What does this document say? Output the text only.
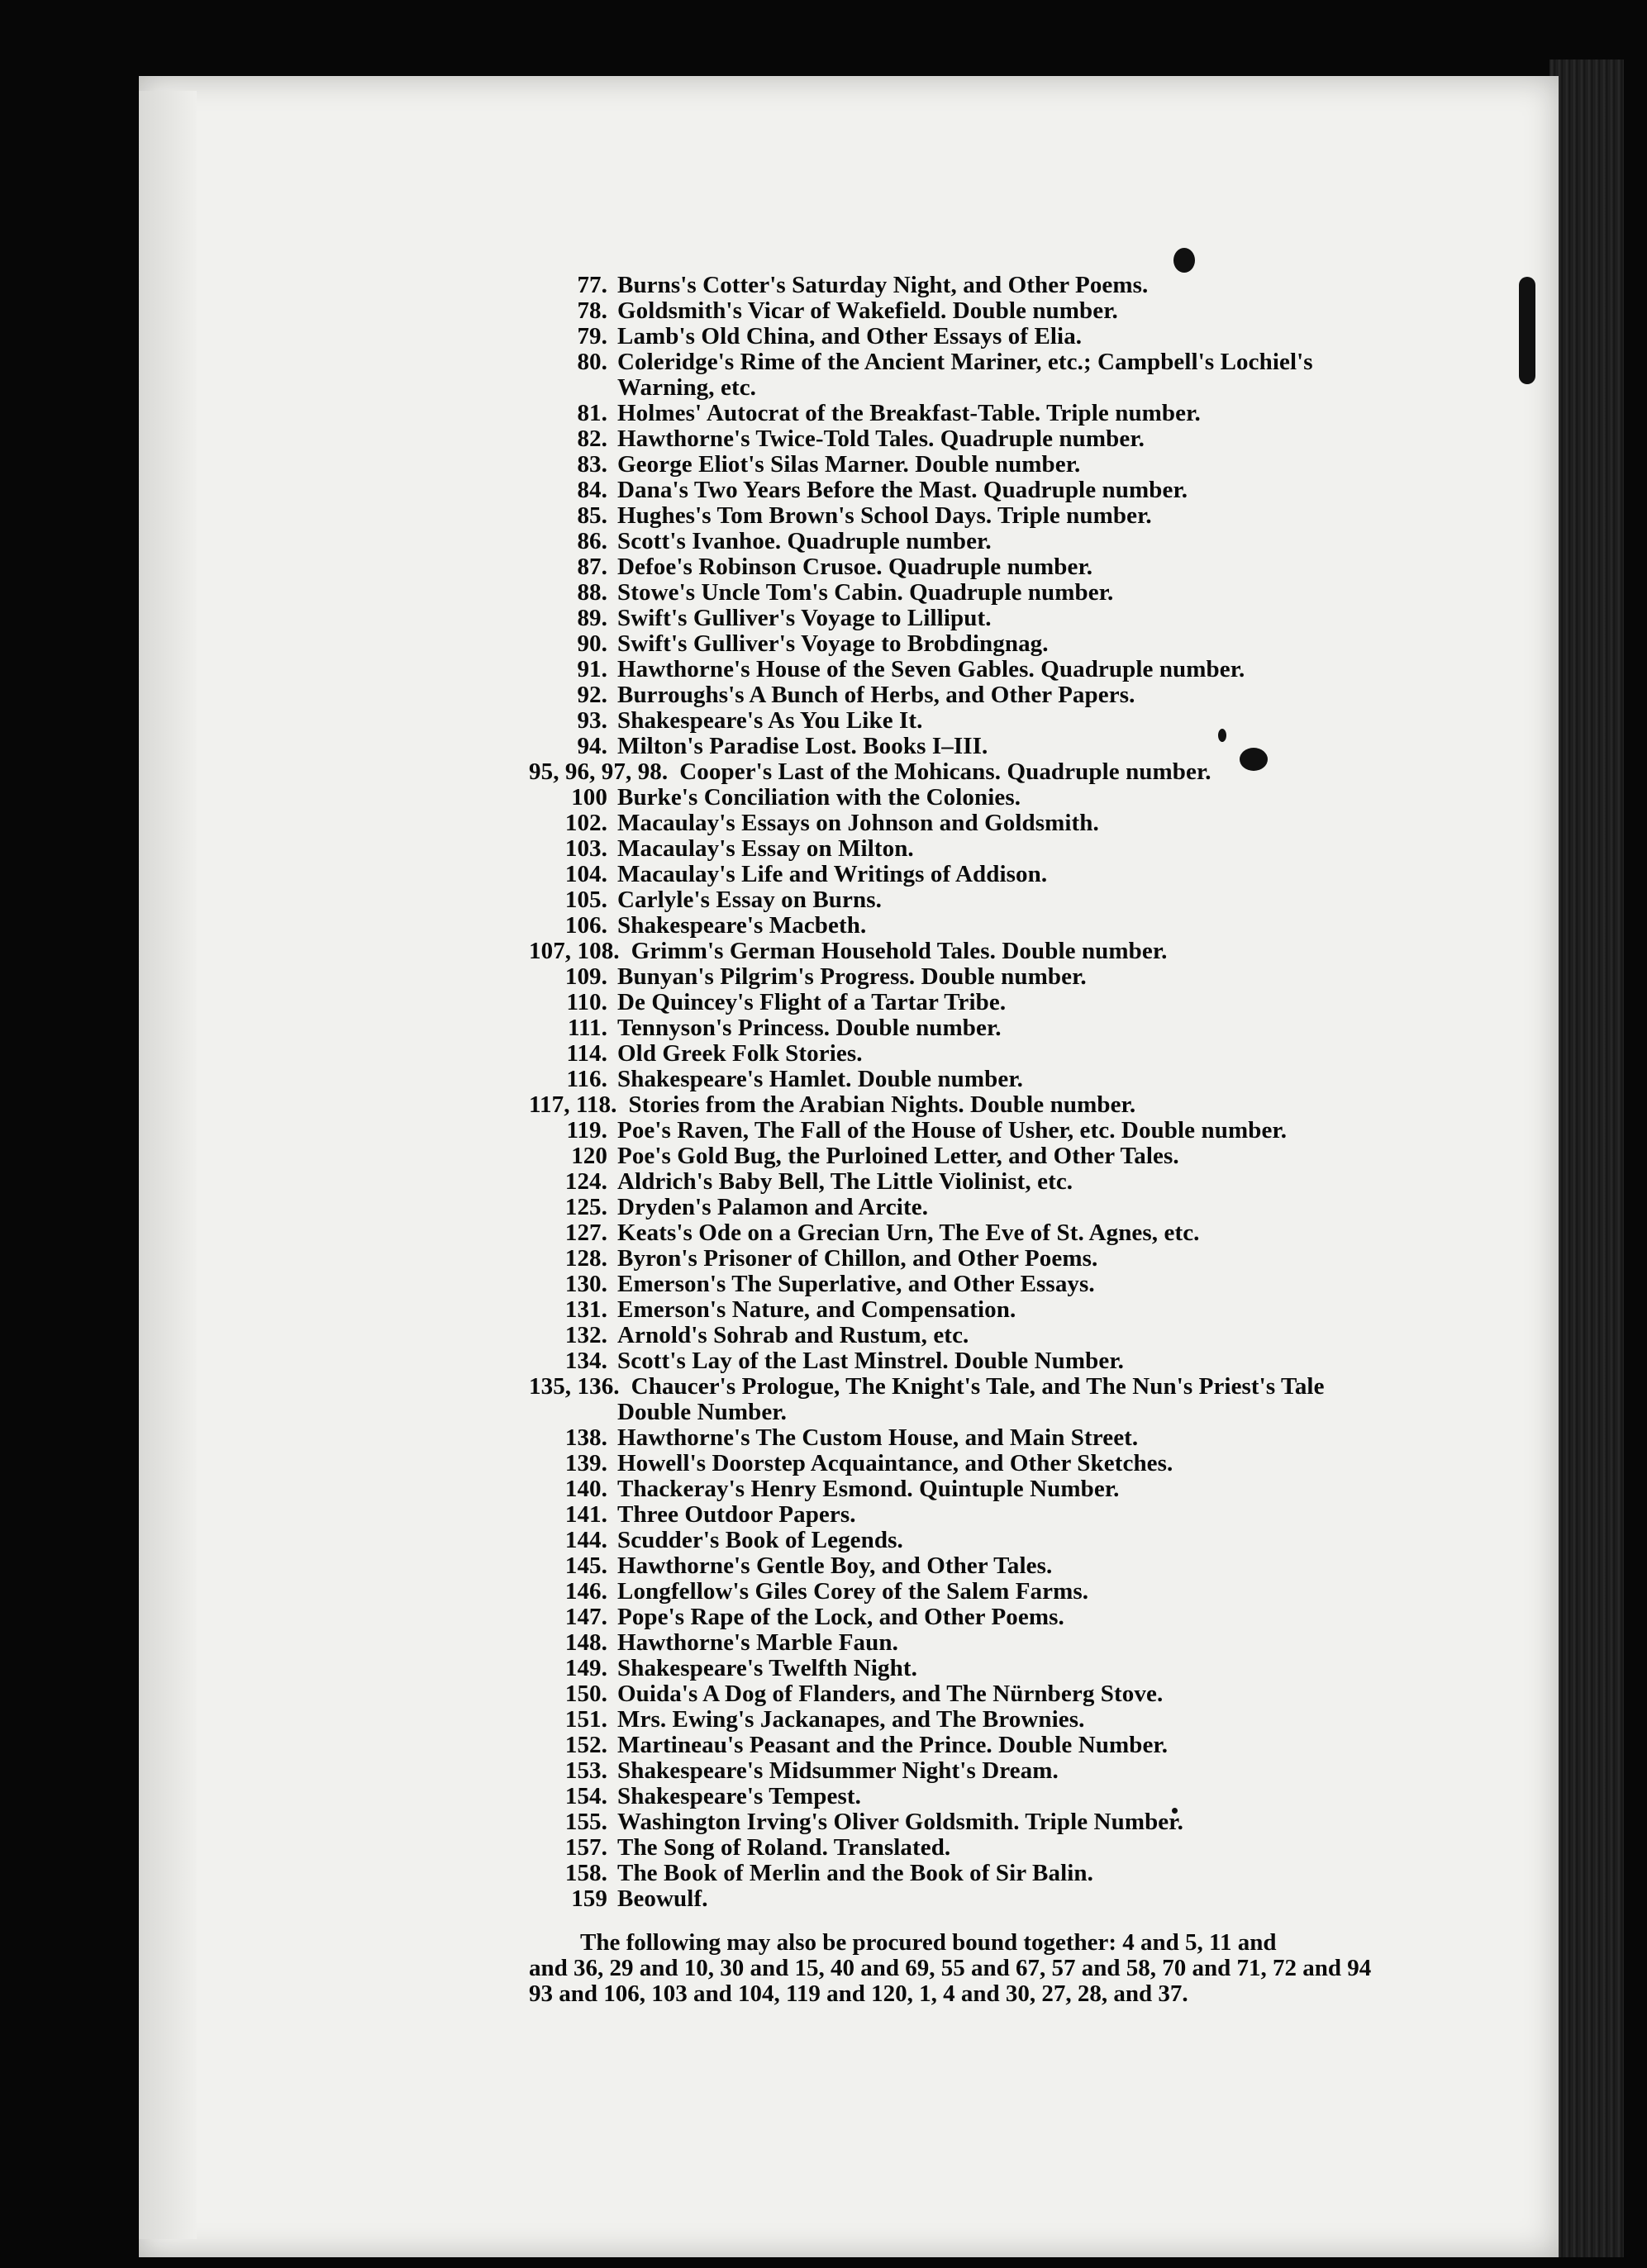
77. Burns's Cotter's Saturday Night, and Other Poems.
78. Goldsmith's Vicar of Wakefield. Double number.
79. Lamb's Old China, and Other Essays of Elia.
80. Coleridge's Rime of the Ancient Mariner, etc.; Campbell's Lochiel's
Warning, etc.
81. Holmes' Autocrat of the Breakfast-Table. Triple number.
82. Hawthorne's Twice-Told Tales. Quadruple number.
83. George Eliot's Silas Marner. Double number.
84. Dana's Two Years Before the Mast. Quadruple number.
85. Hughes's Tom Brown's School Days. Triple number.
86. Scott's Ivanhoe. Quadruple number.
87. Defoe's Robinson Crusoe. Quadruple number.
88. Stowe's Uncle Tom's Cabin. Quadruple number.
89. Swift's Gulliver's Voyage to Lilliput.
90. Swift's Gulliver's Voyage to Brobdingnag.
91. Hawthorne's House of the Seven Gables. Quadruple number.
92. Burroughs's A Bunch of Herbs, and Other Papers.
93. Shakespeare's As You Like It.
94. Milton's Paradise Lost. Books I–III.
95, 96, 97, 98. Cooper's Last of the Mohicans. Quadruple number.
100 Burke's Conciliation with the Colonies.
102. Macaulay's Essays on Johnson and Goldsmith.
103. Macaulay's Essay on Milton.
104. Macaulay's Life and Writings of Addison.
105. Carlyle's Essay on Burns.
106. Shakespeare's Macbeth.
107, 108. Grimm's German Household Tales. Double number.
109. Bunyan's Pilgrim's Progress. Double number.
110. De Quincey's Flight of a Tartar Tribe.
111. Tennyson's Princess. Double number.
114. Old Greek Folk Stories.
116. Shakespeare's Hamlet. Double number.
117, 118. Stories from the Arabian Nights. Double number.
119. Poe's Raven, The Fall of the House of Usher, etc. Double number.
120 Poe's Gold Bug, the Purloined Letter, and Other Tales.
124. Aldrich's Baby Bell, The Little Violinist, etc.
125. Dryden's Palamon and Arcite.
127. Keats's Ode on a Grecian Urn, The Eve of St. Agnes, etc.
128. Byron's Prisoner of Chillon, and Other Poems.
130. Emerson's The Superlative, and Other Essays.
131. Emerson's Nature, and Compensation.
132. Arnold's Sohrab and Rustum, etc.
134. Scott's Lay of the Last Minstrel. Double Number.
135, 136. Chaucer's Prologue, The Knight's Tale, and The Nun's Priest's Tale
Double Number.
138. Hawthorne's The Custom House, and Main Street.
139. Howell's Doorstep Acquaintance, and Other Sketches.
140. Thackeray's Henry Esmond. Quintuple Number.
141. Three Outdoor Papers.
144. Scudder's Book of Legends.
145. Hawthorne's Gentle Boy, and Other Tales.
146. Longfellow's Giles Corey of the Salem Farms.
147. Pope's Rape of the Lock, and Other Poems.
148. Hawthorne's Marble Faun.
149. Shakespeare's Twelfth Night.
150. Ouida's A Dog of Flanders, and The Nürnberg Stove.
151. Mrs. Ewing's Jackanapes, and The Brownies.
152. Martineau's Peasant and the Prince. Double Number.
153. Shakespeare's Midsummer Night's Dream.
154. Shakespeare's Tempest.
155. Washington Irving's Oliver Goldsmith. Triple Number.
157. The Song of Roland. Translated.
158. The Book of Merlin and the Book of Sir Balin.
159 Beowulf.
The following may also be procured bound together: 4 and 5, 11 and
and 36, 29 and 10, 30 and 15, 40 and 69, 55 and 67, 57 and 58, 70 and 71, 72 and 94
93 and 106, 103 and 104, 119 and 120, 1, 4 and 30, 27, 28, and 37.
